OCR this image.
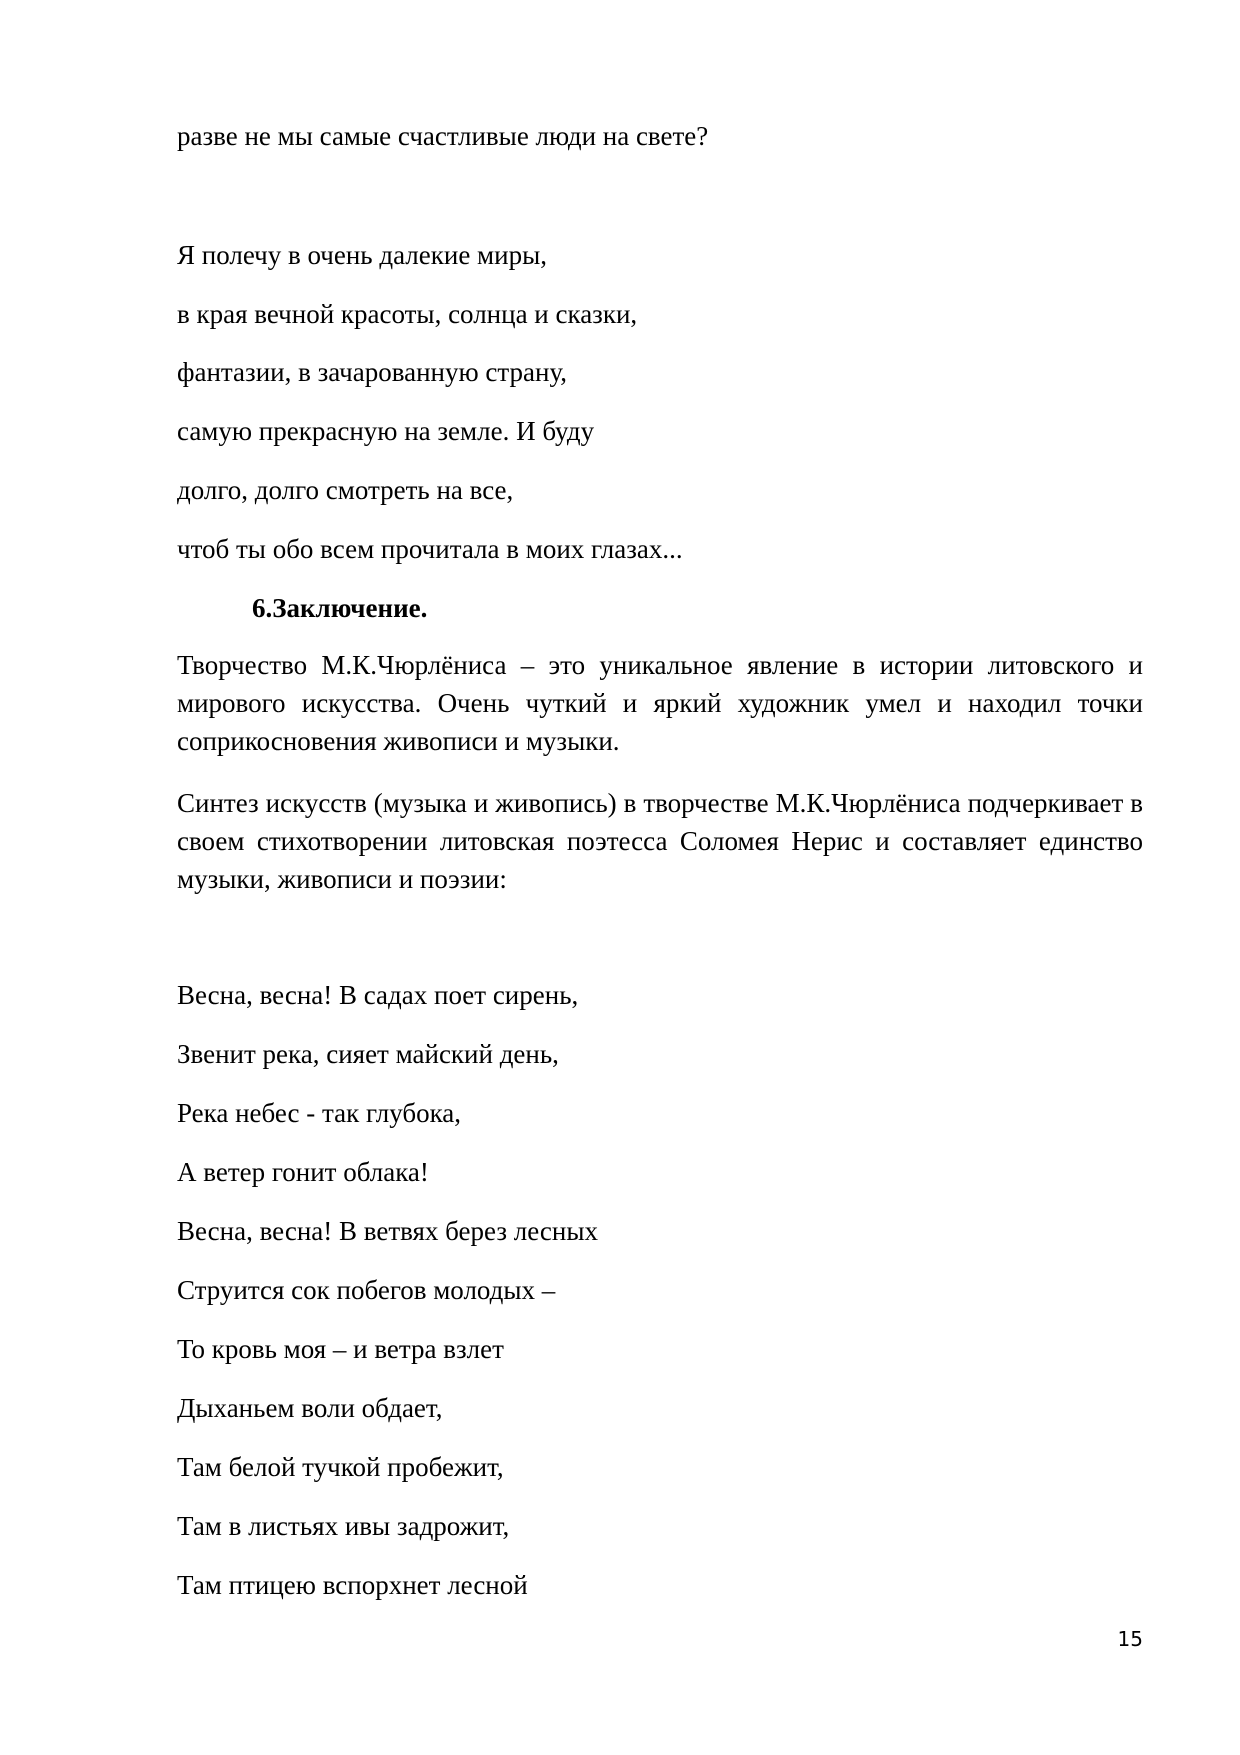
разве не мы самые счастливые люди на свете?
Я полечу в очень далекие миры,
в края вечной красоты, солнца и сказки,
фантазии, в зачарованную страну,
самую прекрасную на земле. И буду
долго, долго смотреть на все,
чтоб ты обо всем прочитала в моих глазах...
6.Заключение.
Творчество М.К.Чюрлёниса – это уникальное явление в истории литовского и мирового искусства. Очень чуткий и яркий художник умел и находил точки соприкосновения живописи и музыки.
Синтез искусств (музыка и живопись) в творчестве М.К.Чюрлёниса подчеркивает в своем стихотворении литовская поэтесса Соломея Нерис и составляет единство музыки, живописи и поэзии:
Весна, весна! В садах поет сирень,
Звенит река, сияет майский день,
Река небес - так глубока,
А ветер гонит облака!
Весна, весна! В ветвях берез лесных
Струится сок побегов молодых –
То кровь моя – и ветра взлет
Дыханьем воли обдает,
Там белой тучкой пробежит,
Там в листьях ивы задрожит,
Там птицею вспорхнет лесной
15
